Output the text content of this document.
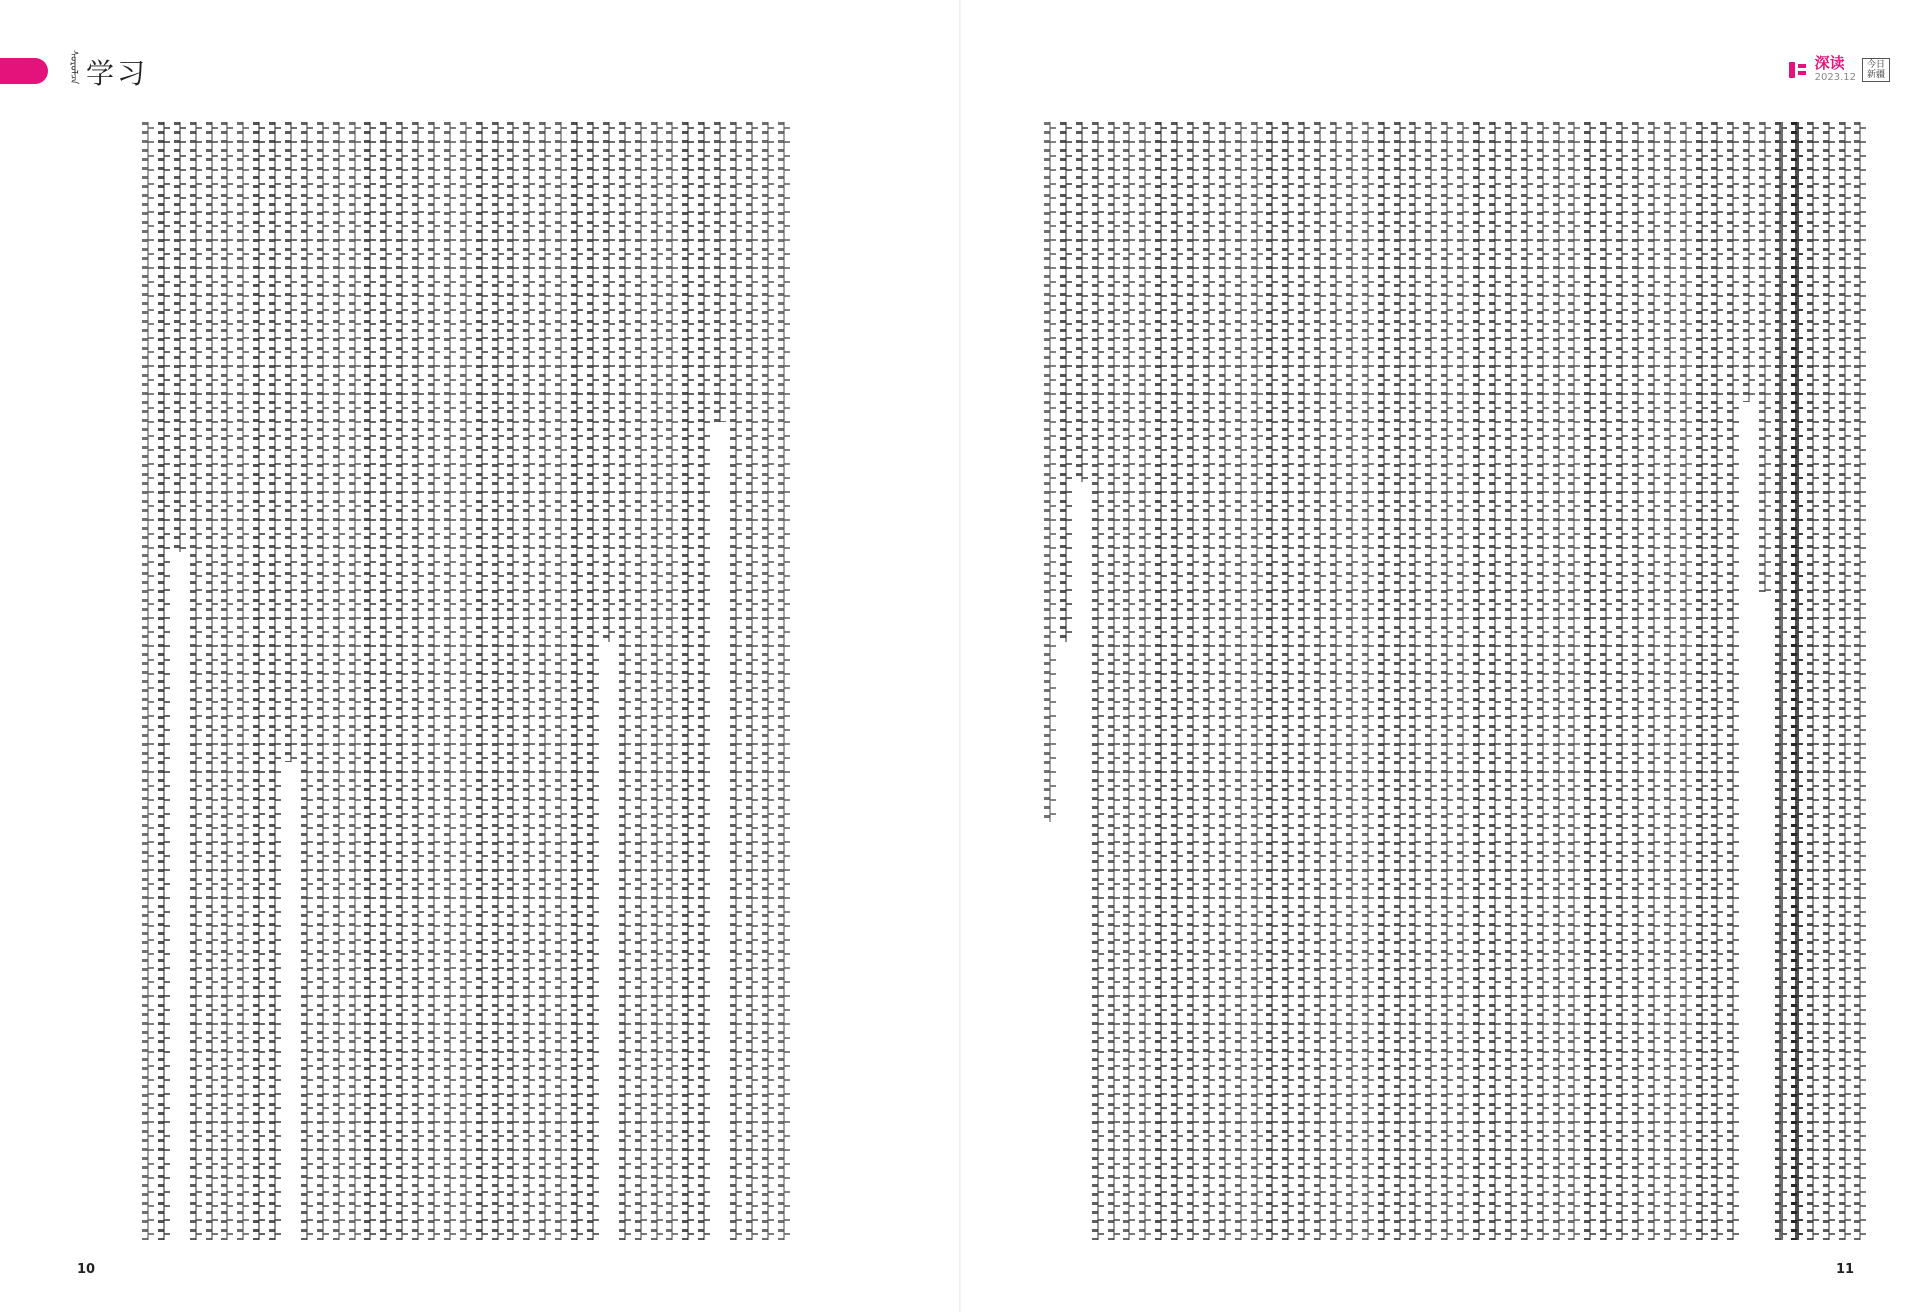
ᠰᠤᠷᠤᠯᠴᠠ 学习	深读
2023.12
今日
新疆
10	11
